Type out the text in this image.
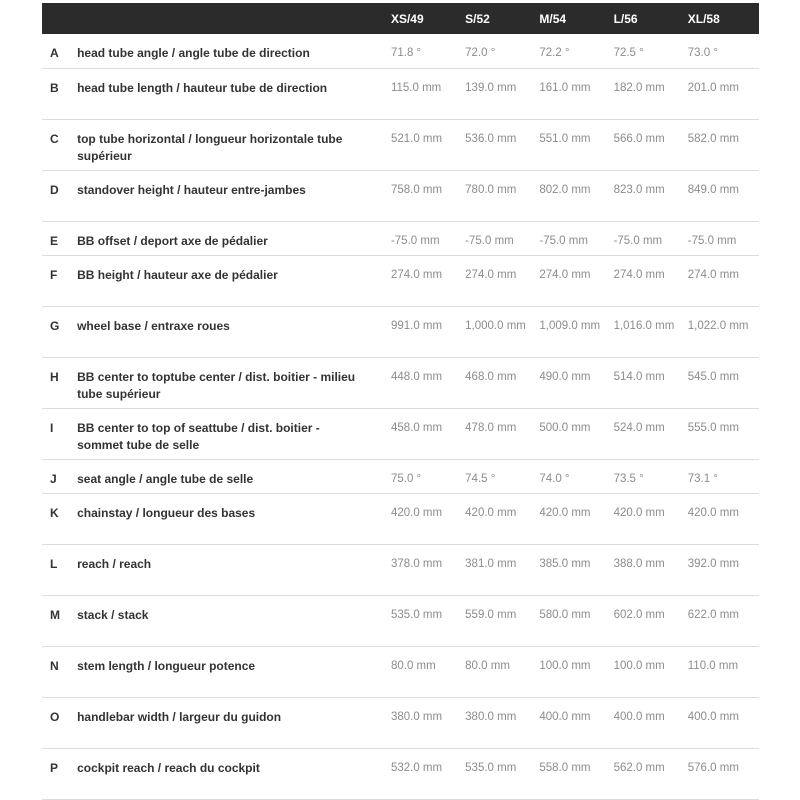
		XS/49	S/52	M/54	L/56	XL/58
A	head tube angle / angle tube de direction	71.8 °	72.0 °	72.2 °	72.5 °	73.0 °
B	head tube length / hauteur tube de direction	115.0 mm	139.0 mm	161.0 mm	182.0 mm	201.0 mm
C	top tube horizontal / longueur horizontale tube supérieur	521.0 mm	536.0 mm	551.0 mm	566.0 mm	582.0 mm
D	standover height / hauteur entre-jambes	758.0 mm	780.0 mm	802.0 mm	823.0 mm	849.0 mm
E	BB offset / deport axe de pédalier	-75.0 mm	-75.0 mm	-75.0 mm	-75.0 mm	-75.0 mm
F	BB height / hauteur axe de pédalier	274.0 mm	274.0 mm	274.0 mm	274.0 mm	274.0 mm
G	wheel base / entraxe roues	991.0 mm	1,000.0 mm	1,009.0 mm	1,016.0 mm	1,022.0 mm
H	BB center to toptube center / dist. boitier - milieu tube supérieur	448.0 mm	468.0 mm	490.0 mm	514.0 mm	545.0 mm
I	BB center to top of seattube / dist. boitier - sommet tube de selle	458.0 mm	478.0 mm	500.0 mm	524.0 mm	555.0 mm
J	seat angle / angle tube de selle	75.0 °	74.5 °	74.0 °	73.5 °	73.1 °
K	chainstay / longueur des bases	420.0 mm	420.0 mm	420.0 mm	420.0 mm	420.0 mm
L	reach / reach	378.0 mm	381.0 mm	385.0 mm	388.0 mm	392.0 mm
M	stack / stack	535.0 mm	559.0 mm	580.0 mm	602.0 mm	622.0 mm
N	stem length / longueur potence	80.0 mm	80.0 mm	100.0 mm	100.0 mm	110.0 mm
O	handlebar width / largeur du guidon	380.0 mm	380.0 mm	400.0 mm	400.0 mm	400.0 mm
P	cockpit reach / reach du cockpit	532.0 mm	535.0 mm	558.0 mm	562.0 mm	576.0 mm
